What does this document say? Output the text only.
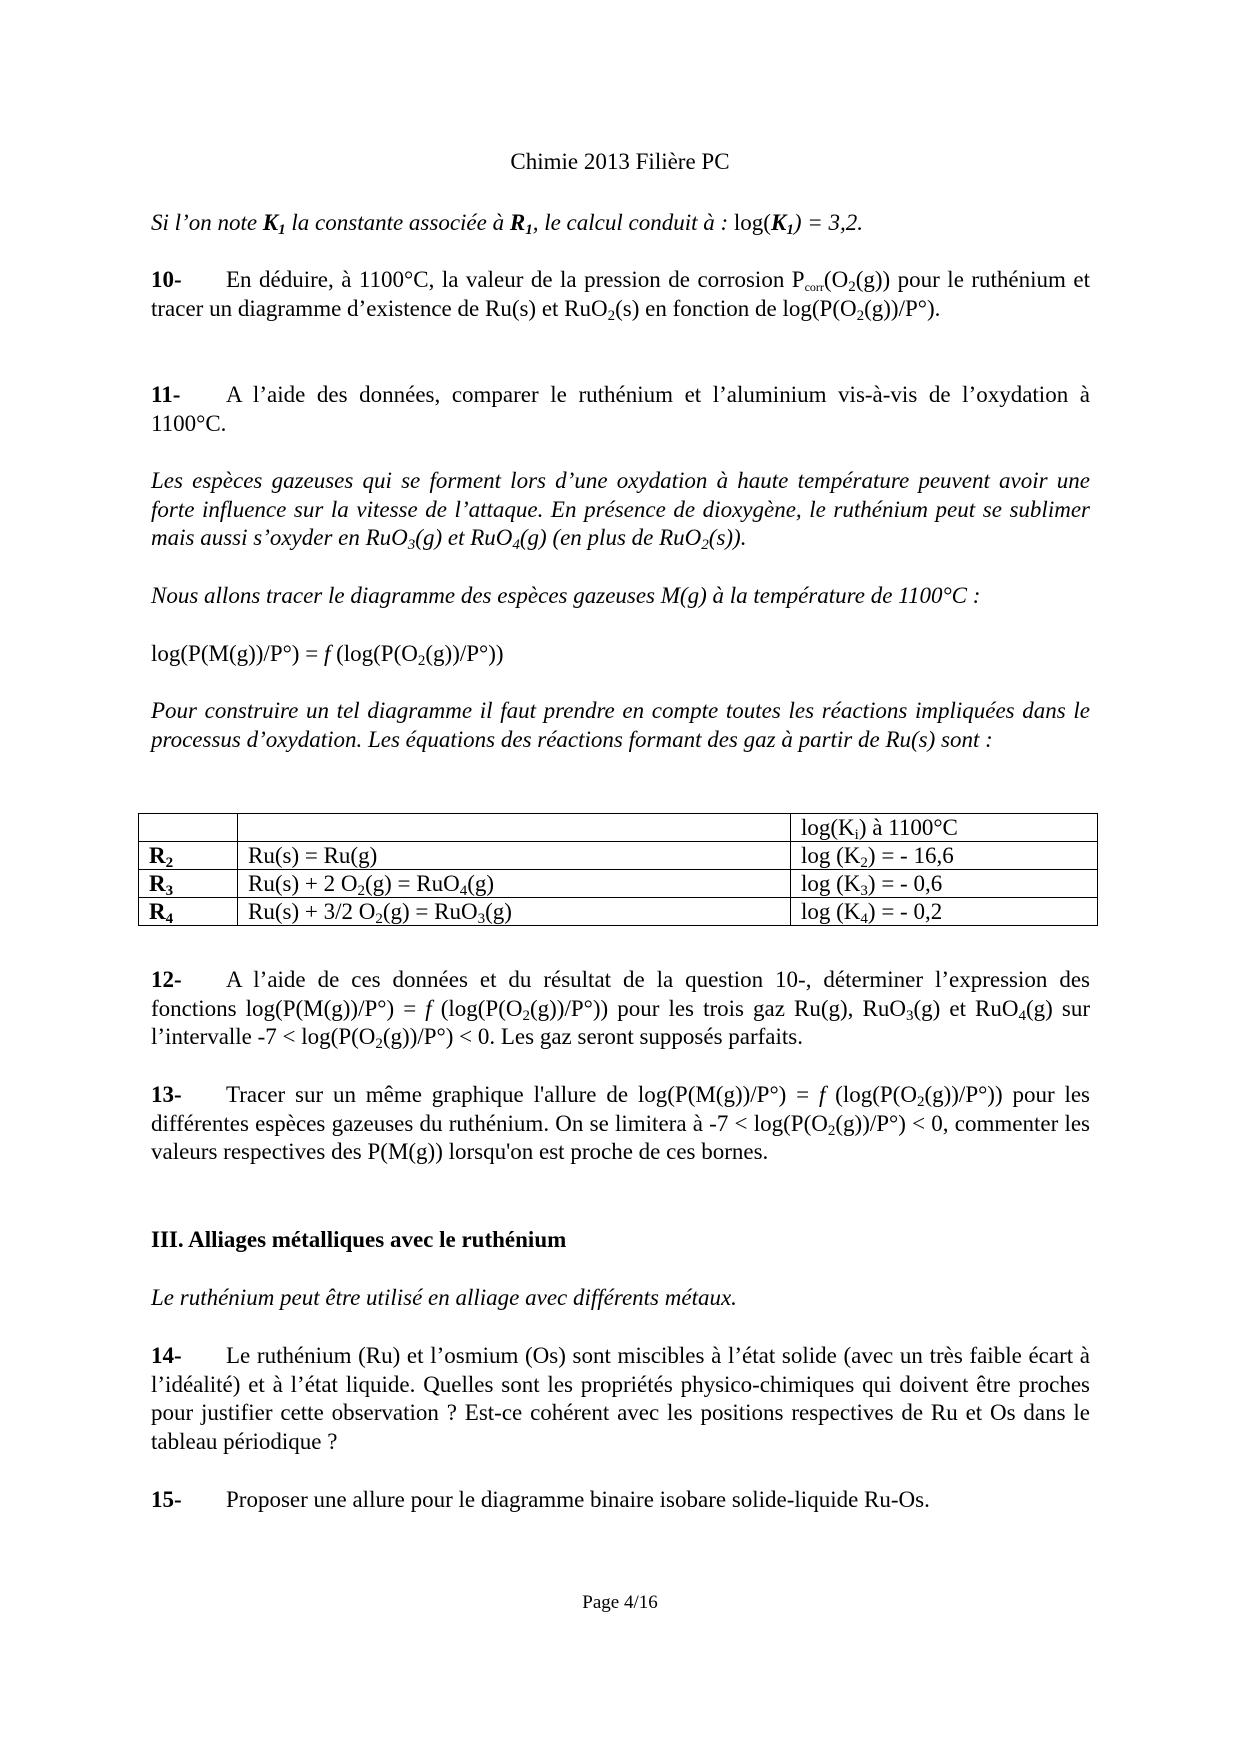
Chimie 2013 Filière PC
Si l’on note $K_1$ la constante associée à $R_1$, le calcul conduit à : $\log(K_1) = 3,2$.
10- En déduire, à 1100°C, la valeur de la pression de corrosion $P_{corr}(O_2(g))$ pour le ruthénium et tracer un diagramme d’existence de Ru(s) et RuO$_2$(s) en fonction de $\log(P(O_2(g))/P^\circ)$.
11- A l’aide des données, comparer le ruthénium et l’aluminium vis-à-vis de l’oxydation à 1100°C.
Les espèces gazeuses qui se forment lors d’une oxydation à haute température peuvent avoir une forte influence sur la vitesse de l’attaque. En présence de dioxygène, le ruthénium peut se sublimer mais aussi s’oxyder en RuO$_3$(g) et RuO$_4$(g) (en plus de RuO$_2$(s)).
Nous allons tracer le diagramme des espèces gazeuses M(g) à la température de 1100°C :
log(P(M(g))/P°) = f $(\log(P(O_2(g))/P^\circ))$
Pour construire un tel diagramme il faut prendre en compte toutes les réactions impliquées dans le processus d’oxydation. Les équations des réactions formant des gaz à partir de Ru(s) sont :
		$\log(K_i)$ à 1100°C
$R_2$	Ru(s) = Ru(g)	$\log (K_2)$ = - 16,6
$R_3$	Ru(s) + 2 $O_2(g) = RuO_4(g)$	$\log (K_3)$ = - 0,6
$R_4$	Ru(s) + 3/2 $O_2(g) = RuO_3(g)$	$\log (K_4)$ = - 0,2
12- A l’aide de ces données et du résultat de la question 10-, déterminer l’expression des fonctions log(P(M(g))/P°) = f $(\log(P(O_2(g))/P^\circ))$ pour les trois gaz Ru(g), RuO$_3$(g) et RuO$_4$(g) sur l’intervalle $-7 < \log(P(O_2(g))/P^\circ) < 0$. Les gaz seront supposés parfaits.
13- Tracer sur un même graphique l'allure de log(P(M(g))/P°) = f $(\log(P(O_2(g))/P^\circ))$ pour les différentes espèces gazeuses du ruthénium. On se limitera à $-7 < \log(P(O_2(g))/P^\circ) < 0$, commenter les valeurs respectives des P(M(g)) lorsqu'on est proche de ces bornes.
III. Alliages métalliques avec le ruthénium
Le ruthénium peut être utilisé en alliage avec différents métaux.
14- Le ruthénium (Ru) et l’osmium (Os) sont miscibles à l’état solide (avec un très faible écart à l’idéalité) et à l’état liquide. Quelles sont les propriétés physico-chimiques qui doivent être proches pour justifier cette observation ? Est-ce cohérent avec les positions respectives de Ru et Os dans le tableau périodique ?
15- Proposer une allure pour le diagramme binaire isobare solide-liquide Ru-Os.
Page 4/16
